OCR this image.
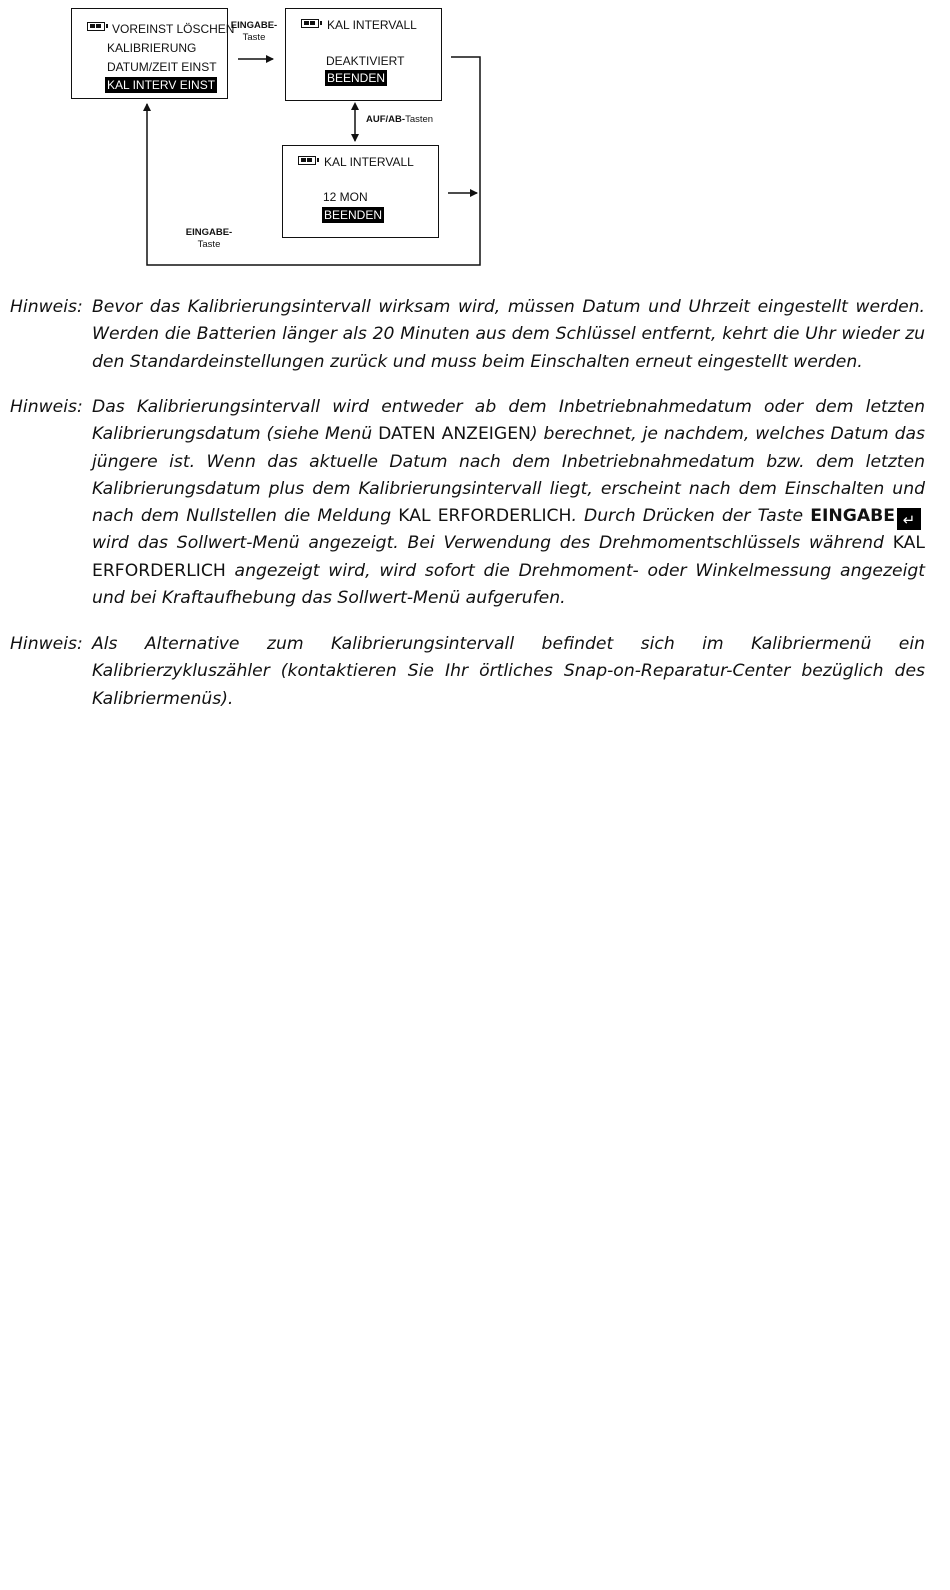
VOREINST LÖSCHEN
KALIBRIERUNG
DATUM/ZEIT EINST
KAL INTERV EINST
EINGABE-
Taste
KAL INTERVALL
DEAKTIVIERT
BEENDEN
AUF/AB-Tasten
KAL INTERVALL
12 MON
BEENDEN
EINGABE-
Taste
Hinweis: Bevor das Kalibrierungsintervall wirksam wird, müssen Datum und Uhrzeit eingestellt werden. Werden die Batterien länger als 20 Minuten aus dem Schlüssel entfernt, kehrt die Uhr wieder zu den Standardeinstellungen zurück und muss beim Einschalten erneut eingestellt werden.
Hinweis: Das Kalibrierungsintervall wird entweder ab dem Inbetriebnahmedatum oder dem letzten Kalibrierungsdatum (siehe Menü DATEN ANZEIGEN) berechnet, je nachdem, welches Datum das jüngere ist. Wenn das aktuelle Datum nach dem Inbetriebnahmedatum bzw. dem letzten Kalibrierungsdatum plus dem Kalibrierungsintervall liegt, erscheint nach dem Einschalten und nach dem Nullstellen die Meldung KAL ERFORDERLICH. Durch Drücken der Taste EINGABE ↵ wird das Sollwert-Menü angezeigt. Bei Verwendung des Drehmomentschlüssels während KAL ERFORDERLICH angezeigt wird, wird sofort die Drehmoment- oder Winkelmessung angezeigt und bei Kraftaufhebung das Sollwert-Menü aufgerufen.
Hinweis: Als Alternative zum Kalibrierungsintervall befindet sich im Kalibriermenü ein Kalibrierzykluszähler (kontaktieren Sie Ihr örtliches Snap-on-Reparatur-Center bezüglich des Kalibriermenüs).
